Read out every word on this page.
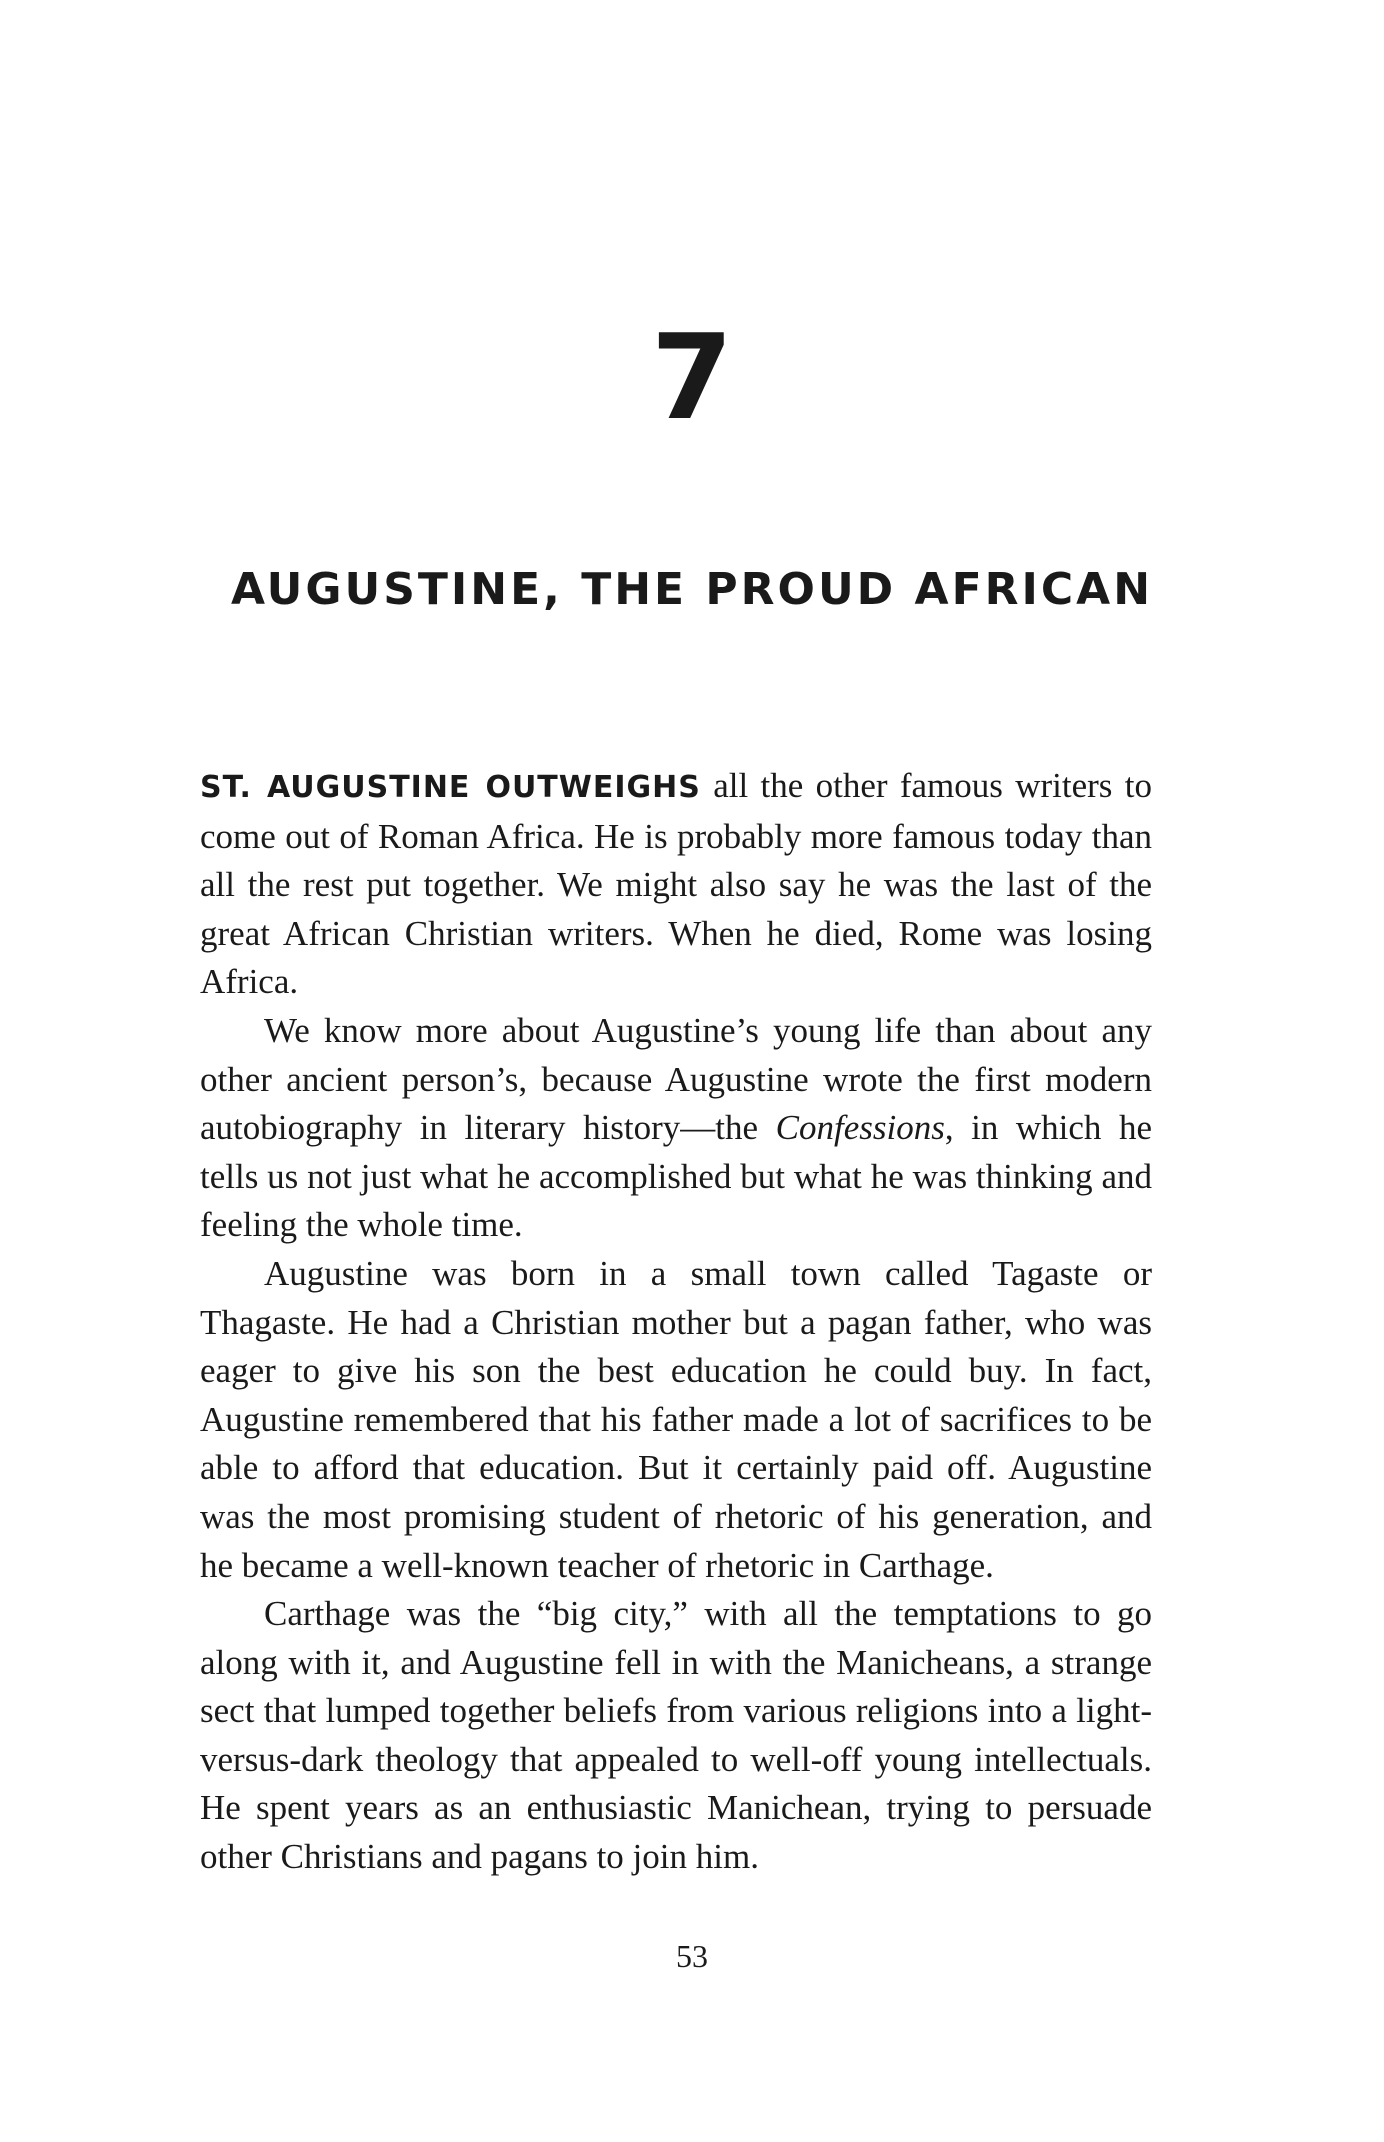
7
AUGUSTINE, THE PROUD AFRICAN

ST. AUGUSTINE OUTWEIGHS all the other famous writers to come out of Roman Africa. He is probably more famous today than all the rest put together. We might also say he was the last of the great African Christian writers. When he died, Rome was losing Africa.

We know more about Augustine’s young life than about any other ancient person’s, because Augustine wrote the first modern autobiography in literary history—the Confessions, in which he tells us not just what he accomplished but what he was thinking and feeling the whole time.

Augustine was born in a small town called Tagaste or Thagaste. He had a Christian mother but a pagan father, who was eager to give his son the best education he could buy. In fact, Augustine remembered that his father made a lot of sacrifices to be able to afford that education. But it certainly paid off. Augustine was the most promising student of rhetoric of his generation, and he became a well-known teacher of rhetoric in Carthage.

Carthage was the “big city,” with all the temptations to go along with it, and Augustine fell in with the Manicheans, a strange sect that lumped together beliefs from various religions into a light-versus-dark theology that appealed to well-off young intellectuals. He spent years as an enthusiastic Manichean, trying to persuade other Christians and pagans to join him.

53
